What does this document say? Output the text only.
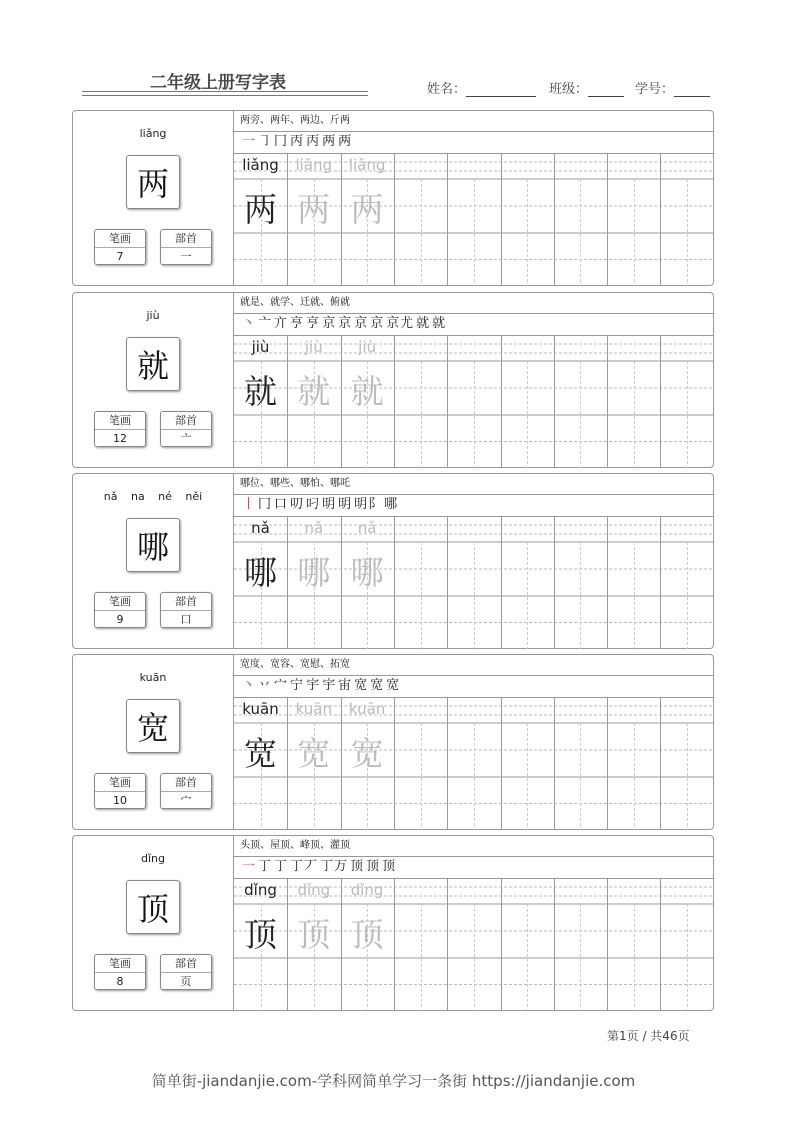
二年级上册写字表	姓名：	班级：	学号：
liǎng
两
笔画
7
部首
一
两旁、两年、两边、斤两
一 ㇆ 冂 丙 丙 两 两
liǎng
两
liǎng
两
liǎng
两
jiù
就
笔画
12
部首
亠
就是、就学、迁就、俯就
丶 亠 亣 亨 亨 京 京 京 京 京尤 就 就
jiù
就
jiù
就
jiù
就
nǎ na né něi
哪
笔画
9
部首
口
哪位、哪些、哪怕、哪吒
丨 冂 口 叨 叼 明 明 明阝 哪
nǎ
哪
nǎ
哪
nǎ
哪
kuān
宽
笔画
10
部首
宀
宽度、宽容、宽慰、拓宽
丶 丷 宀 宁 宇 宇 宙 宽 宽 宽
kuān
宽
kuān
宽
kuān
宽
dǐng
顶
笔画
8
部首
页
头顶、屋顶、峰顶、灌顶
一 丁 丁 丁丆 丁万 顶 顶 顶
dǐng
顶
dǐng
顶
dǐng
顶
第1页 / 共46页
简单街-jiandanjie.com-学科网简单学习一条街 https://jiandanjie.com
